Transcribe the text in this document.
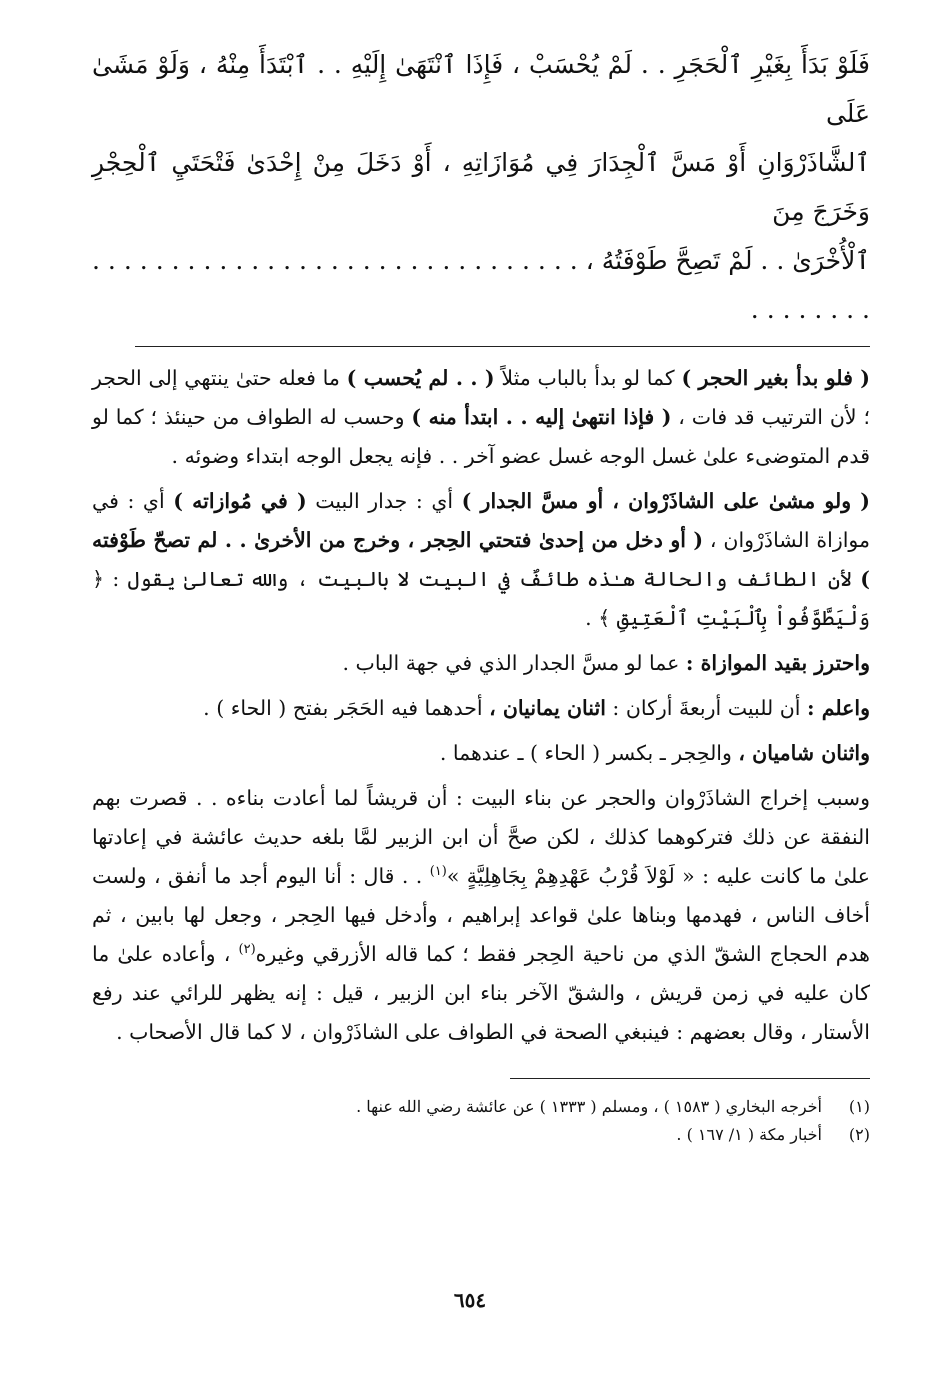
فَلَوْ بَدَأَ بِغَيْرِ ٱلْحَجَرِ . . لَمْ يُحْسَبْ ، فَإِذَا ٱنْتَهَىٰ إِلَيْهِ . . ٱبْتَدَأَ مِنْهُ ، وَلَوْ مَشَىٰ عَلَى

ٱلشَّاذَرْوَانِ أَوْ مَسَّ ٱلْجِدَارَ فِي مُوَازَاتِهِ ، أَوْ دَخَلَ مِنْ إِحْدَىٰ فَتْحَتَيِ ٱلْحِجْرِ وَخَرَجَ مِنَ

ٱلْأُخْرَىٰ . . لَمْ تَصِحَّ طَوْفَتُهُ ، . . . . . . . . . . . . . . . . . . . . . . . . . . . . . . . . . . . . . . .

( فلو بدأ بغير الحجر ) كما لو بدأ بالباب مثلاً ( . . لم يُحسب ) ما فعله حتىٰ ينتهي إلى الحجر ؛ لأن الترتيب قد فات ، ( فإذا انتهىٰ إليه . . ابتدأ منه ) وحسب له الطواف من حينئذ ؛ كما لو قدم المتوضىء علىٰ غسل الوجه غسل عضو آخر . . فإنه يجعل الوجه ابتداء وضوئه .

( ولو مشىٰ على الشاذَرْوان ، أو مسَّ الجدار ) أي : جدار البيت ( في مُوازاته ) أي : في موازاة الشاذَرْوان ، ( أو دخل من إحدىٰ فتحتي الحِجر ، وخرج من الأخرىٰ . . لم تصحّ طَوْفته ) لأن الطائف والحالة هـٰذه طائفٌ في البيت لا بالبيت ، والله تعالىٰ يقول : ﴿ وَلْيَطَّوَّفُواْ بِٱلْبَيْتِ ٱلْعَتِيقِ ﴾ .

واحترز بقيد الموازاة : عما لو مسَّ الجدار الذي في جهة الباب .

واعلم : أن للبيت أربعةَ أركان : اثنان يمانيان ، أحدهما فيه الحَجَر بفتح ( الحاء ) .

واثنان شاميان ، والحِجر ـ بكسر ( الحاء ) ـ عندهما .

وسبب إخراج الشاذَرْوان والحجر عن بناء البيت : أن قريشاً لما أعادت بناءه . . قصرت بهم النفقة عن ذلك فتركوهما كذلك ، لكن صحَّ أن ابن الزبير لمَّا بلغه حديث عائشة في إعادتها علىٰ ما كانت عليه : « لَوْلاَ قُرْبُ عَهْدِهِمْ بِجَاهِلِيَّةٍ »$^{(١)}$ . . قال : أنا اليوم أجد ما أنفق ، ولست أخاف الناس ، فهدمها وبناها علىٰ قواعد إبراهيم ، وأدخل فيها الحِجر ، وجعل لها بابين ، ثم هدم الحجاج الشقّ الذي من ناحية الحِجر فقط ؛ كما قاله الأزرقي وغيره$^{(٢)}$ ، وأعاده علىٰ ما كان عليه في زمن قريش ، والشقّ الآخر بناء ابن الزبير ، قيل : إنه يظهر للرائي عند رفع الأستار ، وقال بعضهم : فينبغي الصحة في الطواف على الشاذَرْوان ، لا كما قال الأصحاب .

(١)أخرجه البخاري ( ١٥٨٣ ) ، ومسلم ( ١٣٣٣ ) عن عائشة رضي الله عنها .

(٢)أخبار مكة ( ١/ ١٦٧ ) .

٦٥٤
